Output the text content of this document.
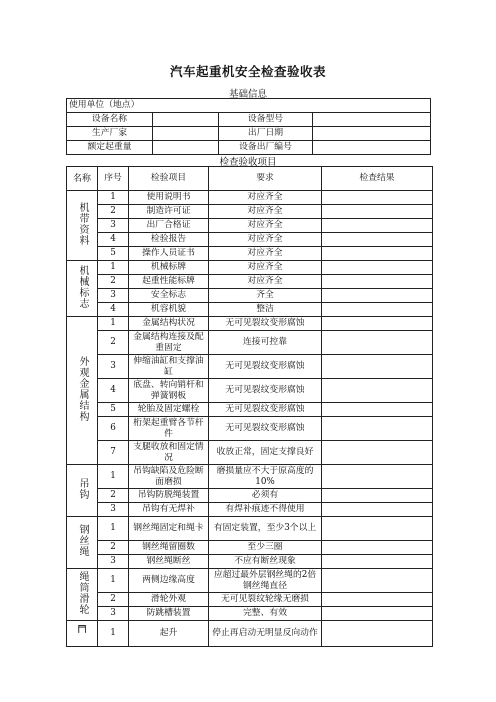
汽车起重机安全检查验收表
基础信息
使用单位（地点）			
设备名称		设备型号	
生产厂家		出厂日期	
额定起重量		设备出厂编号	
检查验收项目
名称	序号	检验项目	要求	检查结果
机带资料	1	使用说明书	对应齐全	
	2	制造许可证	对应齐全	
	3	出厂合格证	对应齐全	
	4	检验报告	对应齐全	
	5	操作人员证书	对应齐全	
机械标志	1	机械标牌	对应齐全	
	2	起重性能标牌	对应齐全	
	3	安全标志	齐全	
	4	机容机貌	整洁	
外观金属结构	1	金属结构状况	无可见裂纹变形腐蚀	
	2	金属结构连接及配重固定	连接可控靠	
	3	伸缩油缸和支撑油缸	无可见裂纹变形腐蚀	
	4	底盘、转向销杆和弹簧钢板	无可见裂纹变形腐蚀	
	5	轮胎及固定螺栓	无可见裂纹变形腐蚀	
	6	桁架起重臂各节杆件	无可见裂纹变形腐蚀	
	7	支腿收放和固定情况	收放正常，固定支撑良好	
吊钩	1	吊钩缺陷及危险断面磨损	磨损量应不大于原高度的10%	
	2	吊钩防脱绳装置	必须有	
	3	吊钩有无焊补	有焊补痕迹不得使用	
钢丝绳	1	钢丝绳固定和绳卡	有固定装置，至少3个以上	
	2	钢丝绳留圈数	至少三圈	
	3	钢丝绳断丝	不应有断丝现象	
绳筒滑轮	1	两侧边缘高度	应超过最外层钢丝绳的2倍钢丝绳直径	
	2	滑轮外观	无可见裂纹轮缘无磨损	
	3	防跳槽装置	完整、有效	
╒╕	1	起升	停止再启动无明显反向动作	
